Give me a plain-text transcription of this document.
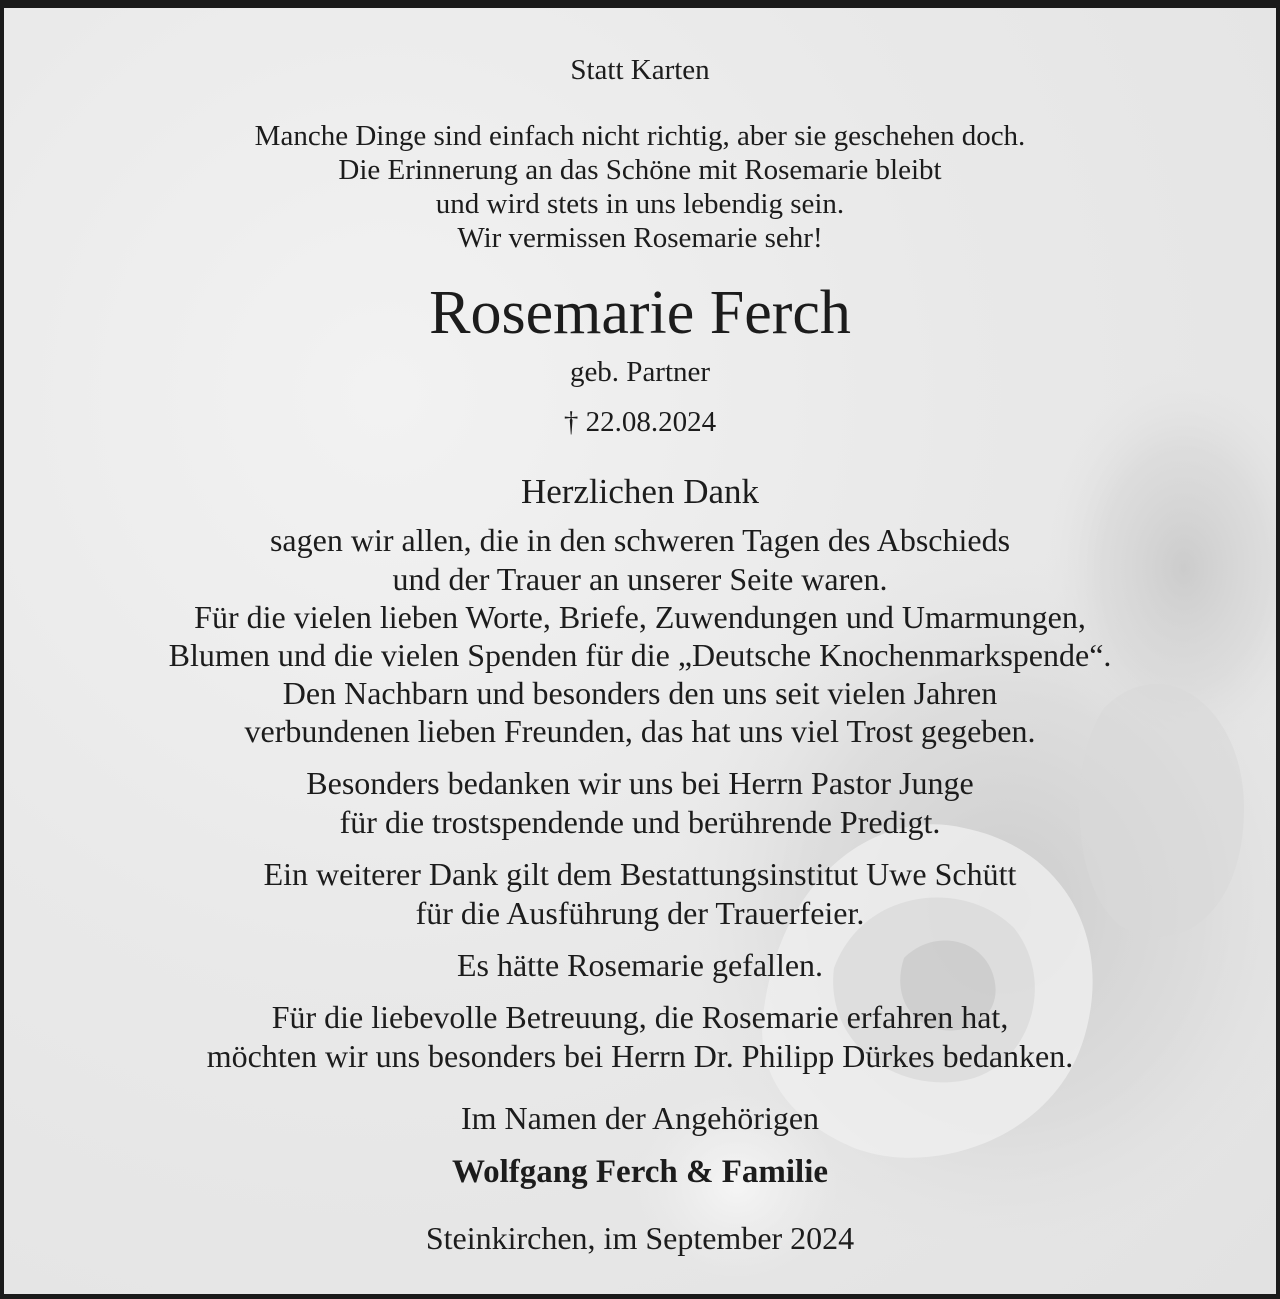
Statt Karten
Manche Dinge sind einfach nicht richtig, aber sie geschehen doch.
Die Erinnerung an das Schöne mit Rosemarie bleibt
und wird stets in uns lebendig sein.
Wir vermissen Rosemarie sehr!
Rosemarie Ferch
geb. Partner
† 22.08.2024
Herzlichen Dank
sagen wir allen, die in den schweren Tagen des Abschieds
und der Trauer an unserer Seite waren.
Für die vielen lieben Worte, Briefe, Zuwendungen und Umarmungen,
Blumen und die vielen Spenden für die „Deutsche Knochenmarkspende“.
Den Nachbarn und besonders den uns seit vielen Jahren
verbundenen lieben Freunden, das hat uns viel Trost gegeben.
Besonders bedanken wir uns bei Herrn Pastor Junge
für die trostspendende und berührende Predigt.
Ein weiterer Dank gilt dem Bestattungsinstitut Uwe Schütt
für die Ausführung der Trauerfeier.
Es hätte Rosemarie gefallen.
Für die liebevolle Betreuung, die Rosemarie erfahren hat,
möchten wir uns besonders bei Herrn Dr. Philipp Dürkes bedanken.
Im Namen der Angehörigen
Wolfgang Ferch & Familie
Steinkirchen, im September 2024
